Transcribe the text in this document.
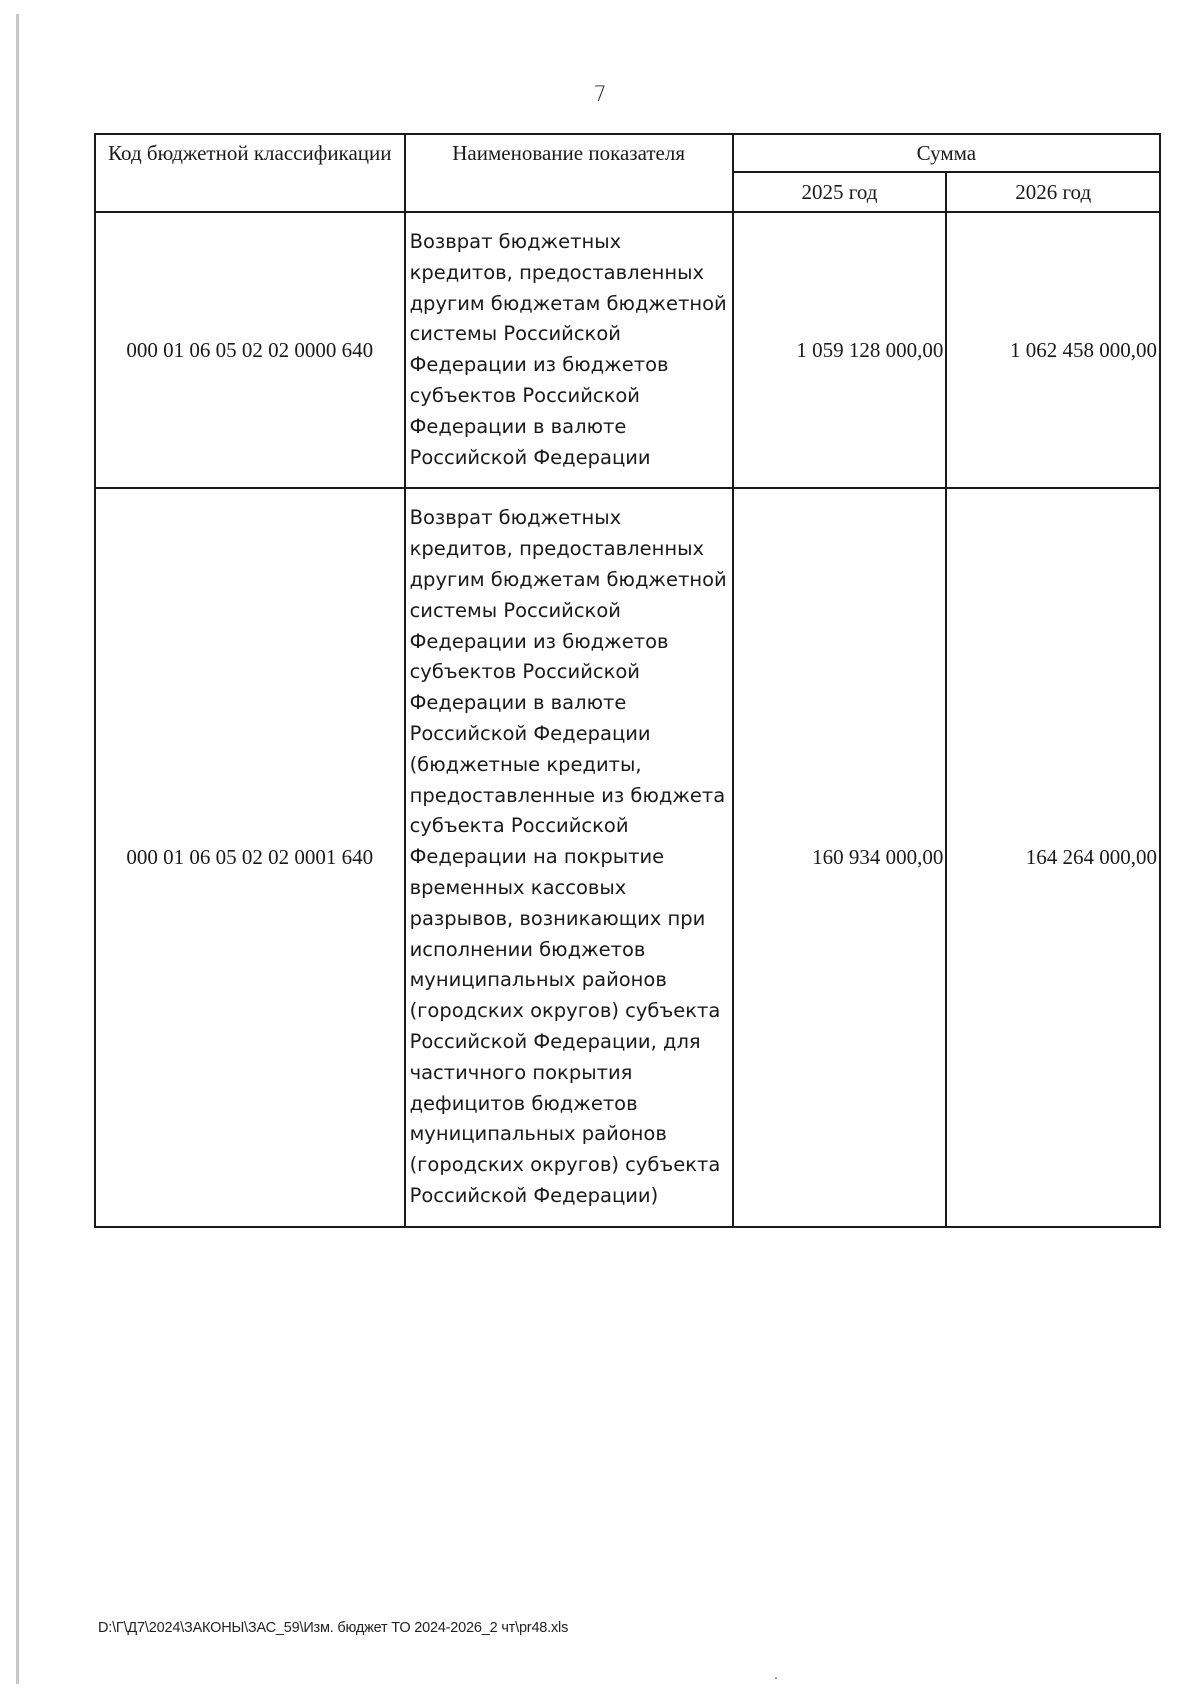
7
Код бюджетной классификации	Наименование показателя	Сумма	
		2025 год	2026 год
000 01 06 05 02 02 0000 640	Возврат бюджетных кредитов, предоставленных другим бюджетам бюджетной системы Российской Федерации из бюджетов субъектов Российской Федерации в валюте Российской Федерации	1 059 128 000,00	1 062 458 000,00
000 01 06 05 02 02 0001 640	Возврат бюджетных кредитов, предоставленных другим бюджетам бюджетной системы Российской Федерации из бюджетов субъектов Российской Федерации в валюте Российской Федерации (бюджетные кредиты, предоставленные из бюджета субъекта Российской Федерации на покрытие временных кассовых разрывов, возникающих при исполнении бюджетов муниципальных районов (городских округов) субъекта Российской Федерации, для частичного покрытия дефицитов бюджетов муниципальных районов (городских округов) субъекта Российской Федерации)	160 934 000,00	164 264 000,00
D:\Г\Д7\2024\ЗАКОНЫ\ЗАС_59\Изм. бюджет ТО 2024-2026_2 чт\pr48.xls
